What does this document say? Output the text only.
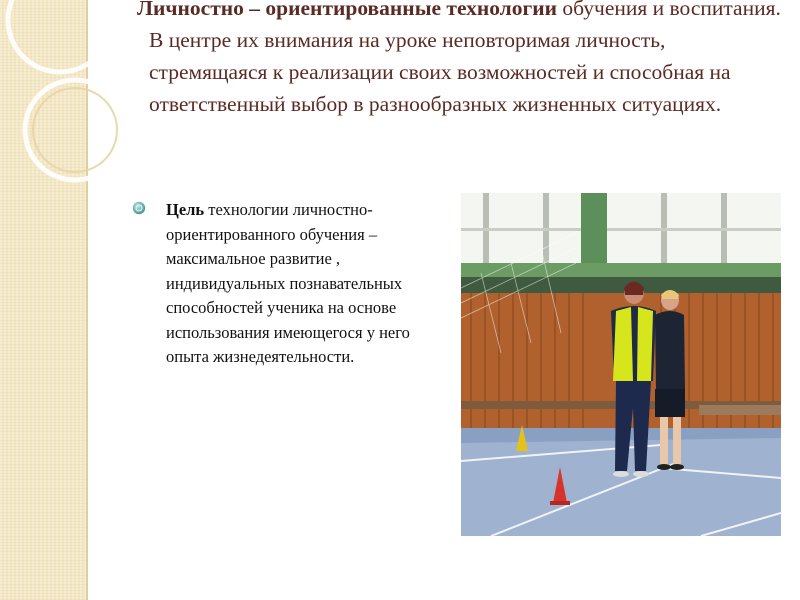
Личностно – ориентированные технологии обучения и воспитания.

В центре их внимания на уроке неповторимая личность, стремящаяся к реализации своих возможностей и способная на ответственный выбор в разнообразных жизненных ситуациях.

Цель технологии личностно-ориентированного обучения – максимальное развитие , индивидуальных познавательных способностей ученика на основе использования имеющегося у него опыта жизнедеятельности.
